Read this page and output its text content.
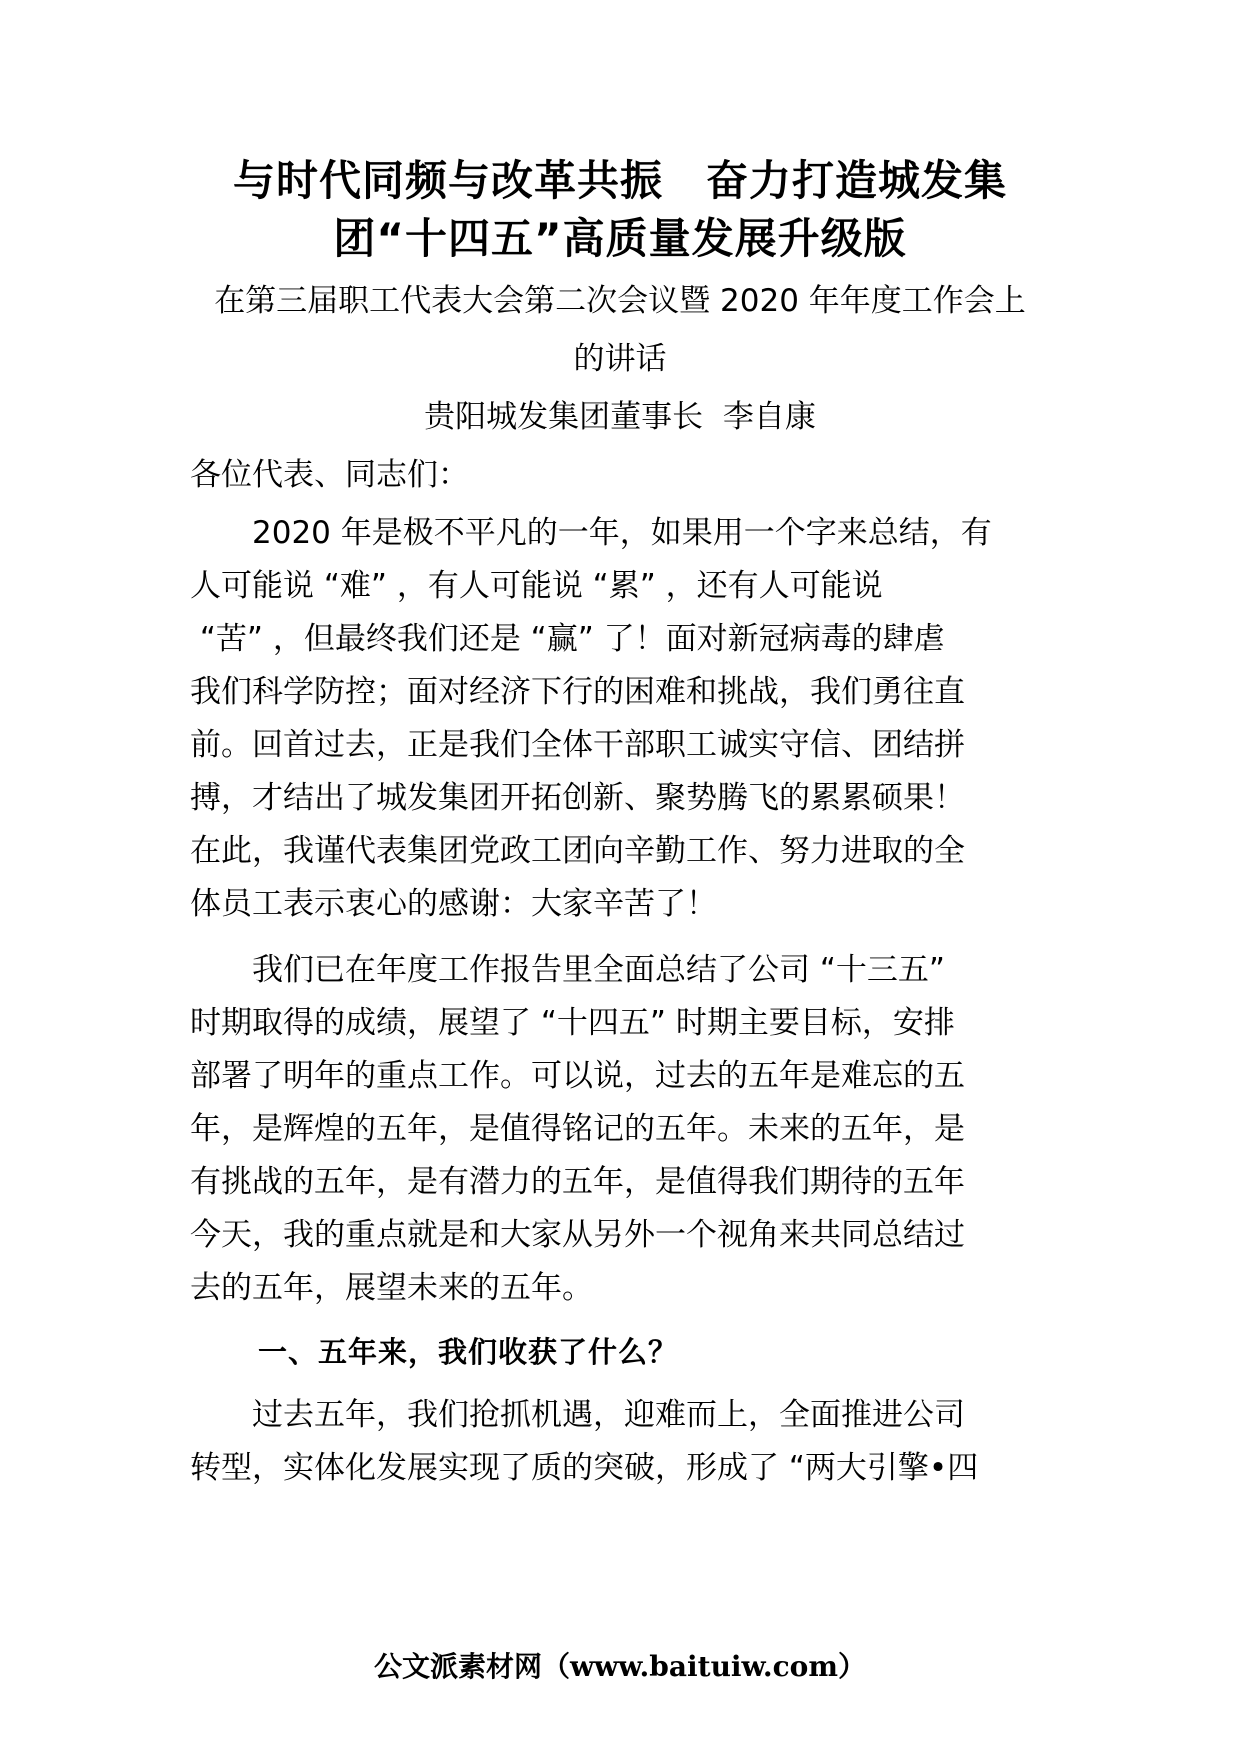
与时代同频与改革共振　奋力打造城发集
团“十四五”高质量发展升级版
在第三届职工代表大会第二次会议暨 2020 年年度工作会上
的讲话
贵阳城发集团董事长  李自康
各位代表、同志们：
　　2020 年是极不平凡的一年，如果用一个字来总结，有
人可能说 “难” ，有人可能说 “累” ，还有人可能说
“苦” ，但最终我们还是 “赢” 了！面对新冠病毒的肆虐
我们科学防控；面对经济下行的困难和挑战，我们勇往直
前。回首过去，正是我们全体干部职工诚实守信、团结拼
搏，才结出了城发集团开拓创新、聚势腾飞的累累硕果！
在此，我谨代表集团党政工团向辛勤工作、努力进取的全
体员工表示衷心的感谢：大家辛苦了！
　　我们已在年度工作报告里全面总结了公司 “十三五”
时期取得的成绩，展望了 “十四五” 时期主要目标，安排
部署了明年的重点工作。可以说，过去的五年是难忘的五
年，是辉煌的五年，是值得铭记的五年。未来的五年，是
有挑战的五年，是有潜力的五年，是值得我们期待的五年
今天，我的重点就是和大家从另外一个视角来共同总结过
去的五年，展望未来的五年。
一、五年来，我们收获了什么？
　　过去五年，我们抢抓机遇，迎难而上，全面推进公司
转型，实体化发展实现了质的突破，形成了 “两大引擎•四
公文派素材网（www.baituiw.com）
